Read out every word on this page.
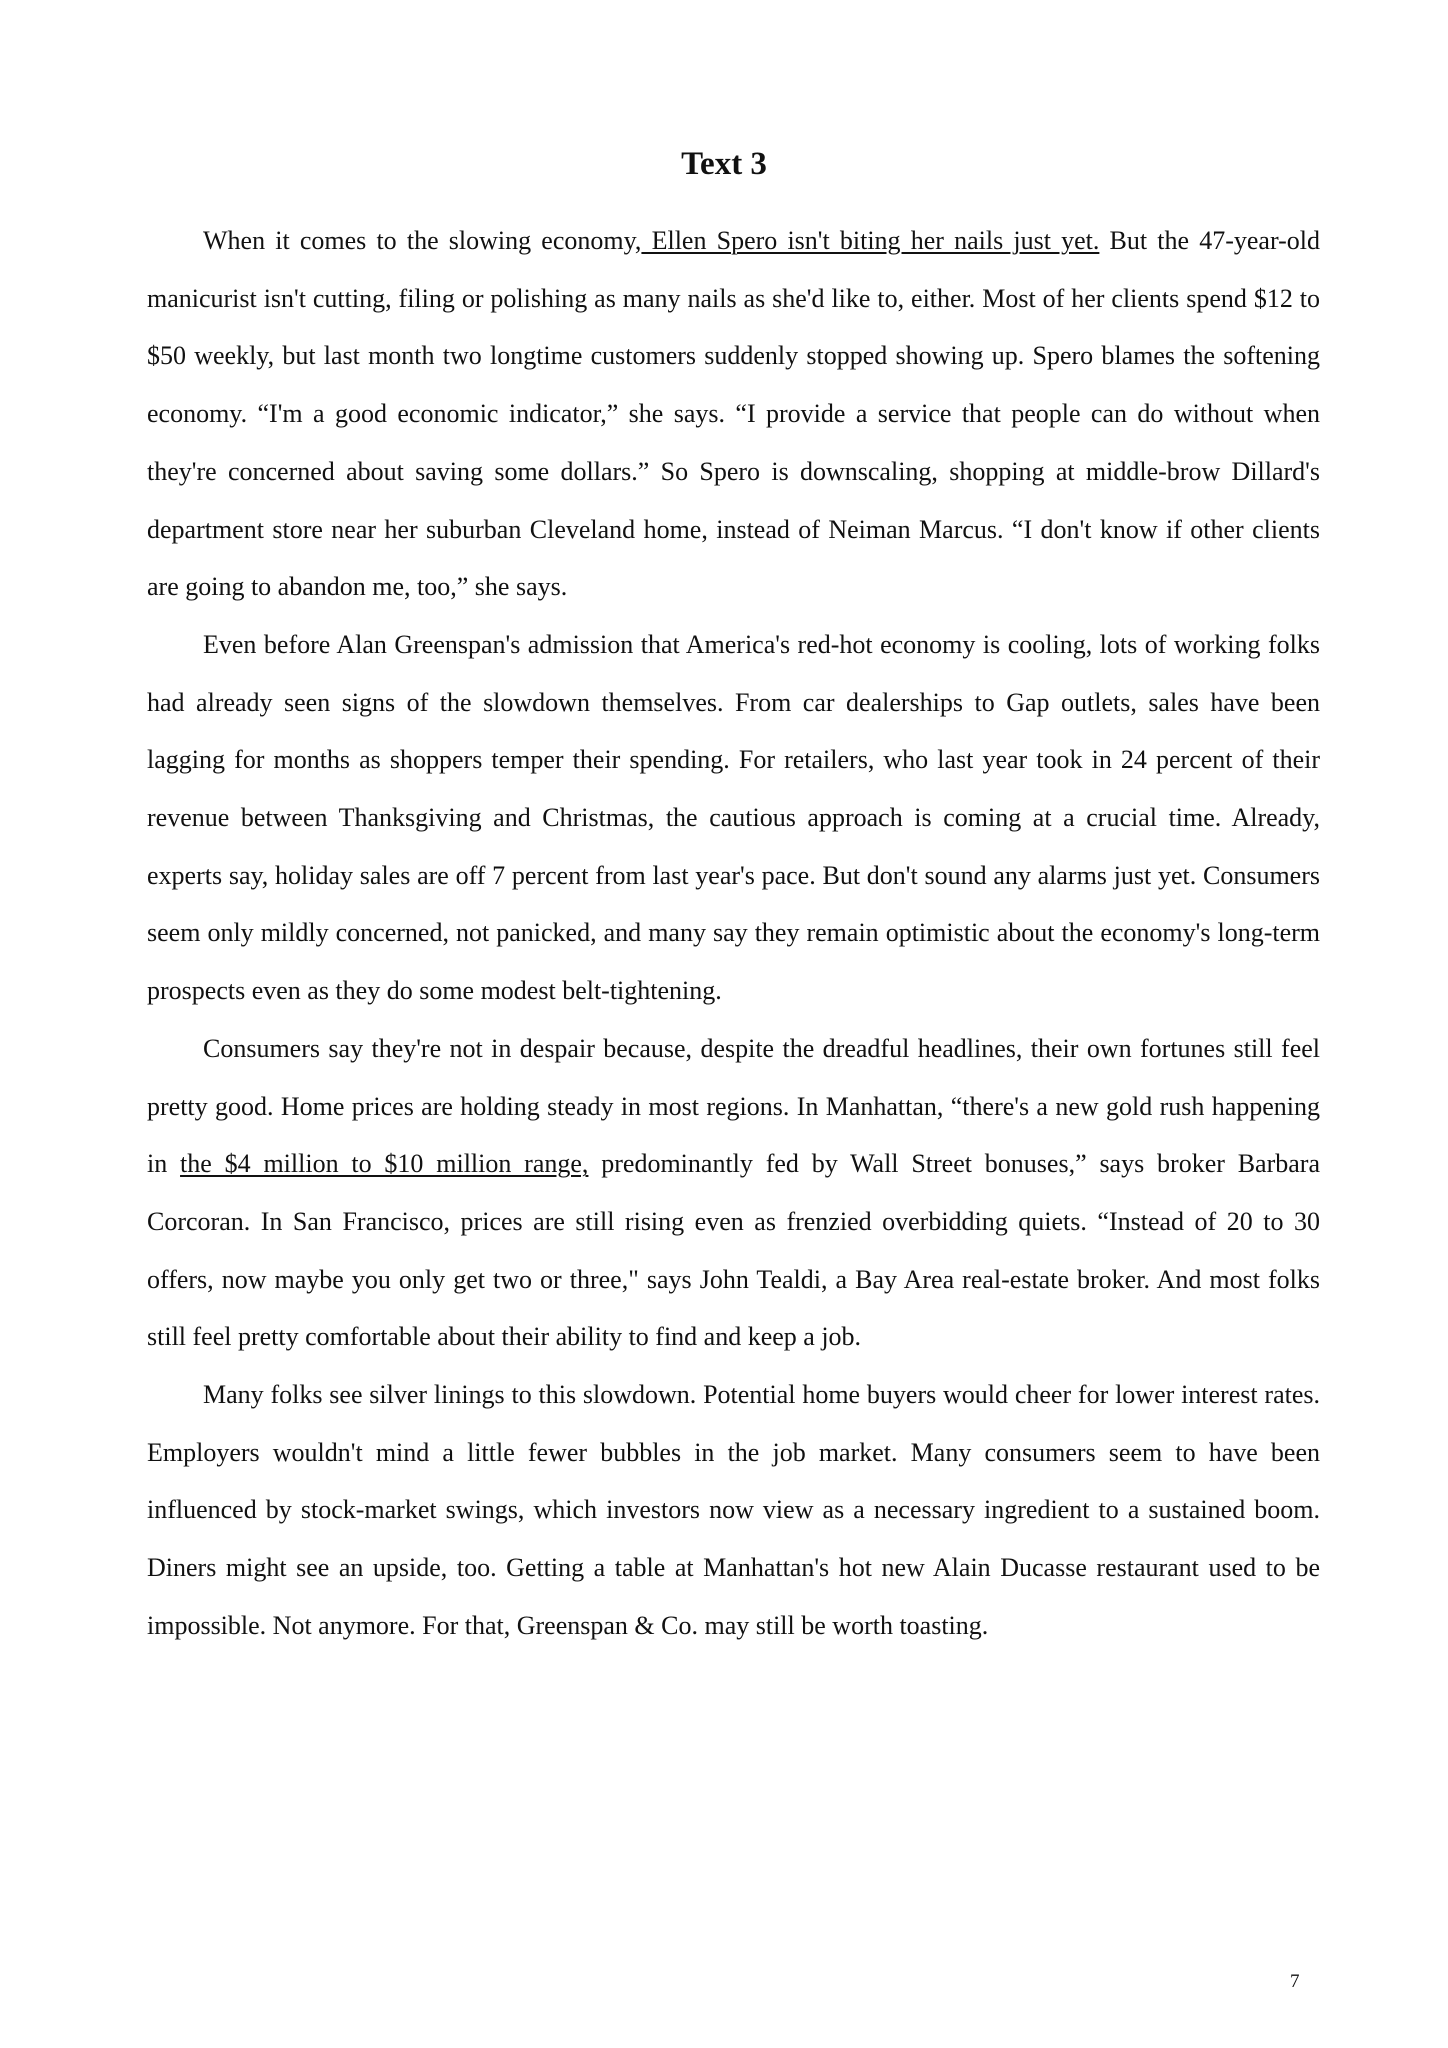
Text 3

When it comes to the slowing economy, Ellen Spero isn't biting her nails just yet. But the 47-year-old manicurist isn't cutting, filing or polishing as many nails as she'd like to, either. Most of her clients spend $12 to $50 weekly, but last month two longtime customers suddenly stopped showing up. Spero blames the softening economy. “I'm a good economic indicator,” she says. “I provide a service that people can do without when they're concerned about saving some dollars.” So Spero is downscaling, shopping at middle-brow Dillard's department store near her suburban Cleveland home, instead of Neiman Marcus. “I don't know if other clients are going to abandon me, too,” she says.

Even before Alan Greenspan's admission that America's red-hot economy is cooling, lots of working folks had already seen signs of the slowdown themselves. From car dealerships to Gap outlets, sales have been lagging for months as shoppers temper their spending. For retailers, who last year took in 24 percent of their revenue between Thanksgiving and Christmas, the cautious approach is coming at a crucial time. Already, experts say, holiday sales are off 7 percent from last year's pace. But don't sound any alarms just yet. Consumers seem only mildly concerned, not panicked, and many say they remain optimistic about the economy's long-term prospects even as they do some modest belt-tightening.

Consumers say they're not in despair because, despite the dreadful headlines, their own fortunes still feel pretty good. Home prices are holding steady in most regions. In Manhattan, “there's a new gold rush happening in the $4 million to $10 million range, predominantly fed by Wall Street bonuses,” says broker Barbara Corcoran. In San Francisco, prices are still rising even as frenzied overbidding quiets. “Instead of 20 to 30 offers, now maybe you only get two or three," says John Tealdi, a Bay Area real-estate broker. And most folks still feel pretty comfortable about their ability to find and keep a job.

Many folks see silver linings to this slowdown. Potential home buyers would cheer for lower interest rates. Employers wouldn't mind a little fewer bubbles in the job market. Many consumers seem to have been influenced by stock-market swings, which investors now view as a necessary ingredient to a sustained boom. Diners might see an upside, too. Getting a table at Manhattan's hot new Alain Ducasse restaurant used to be impossible. Not anymore. For that, Greenspan & Co. may still be worth toasting.

7
